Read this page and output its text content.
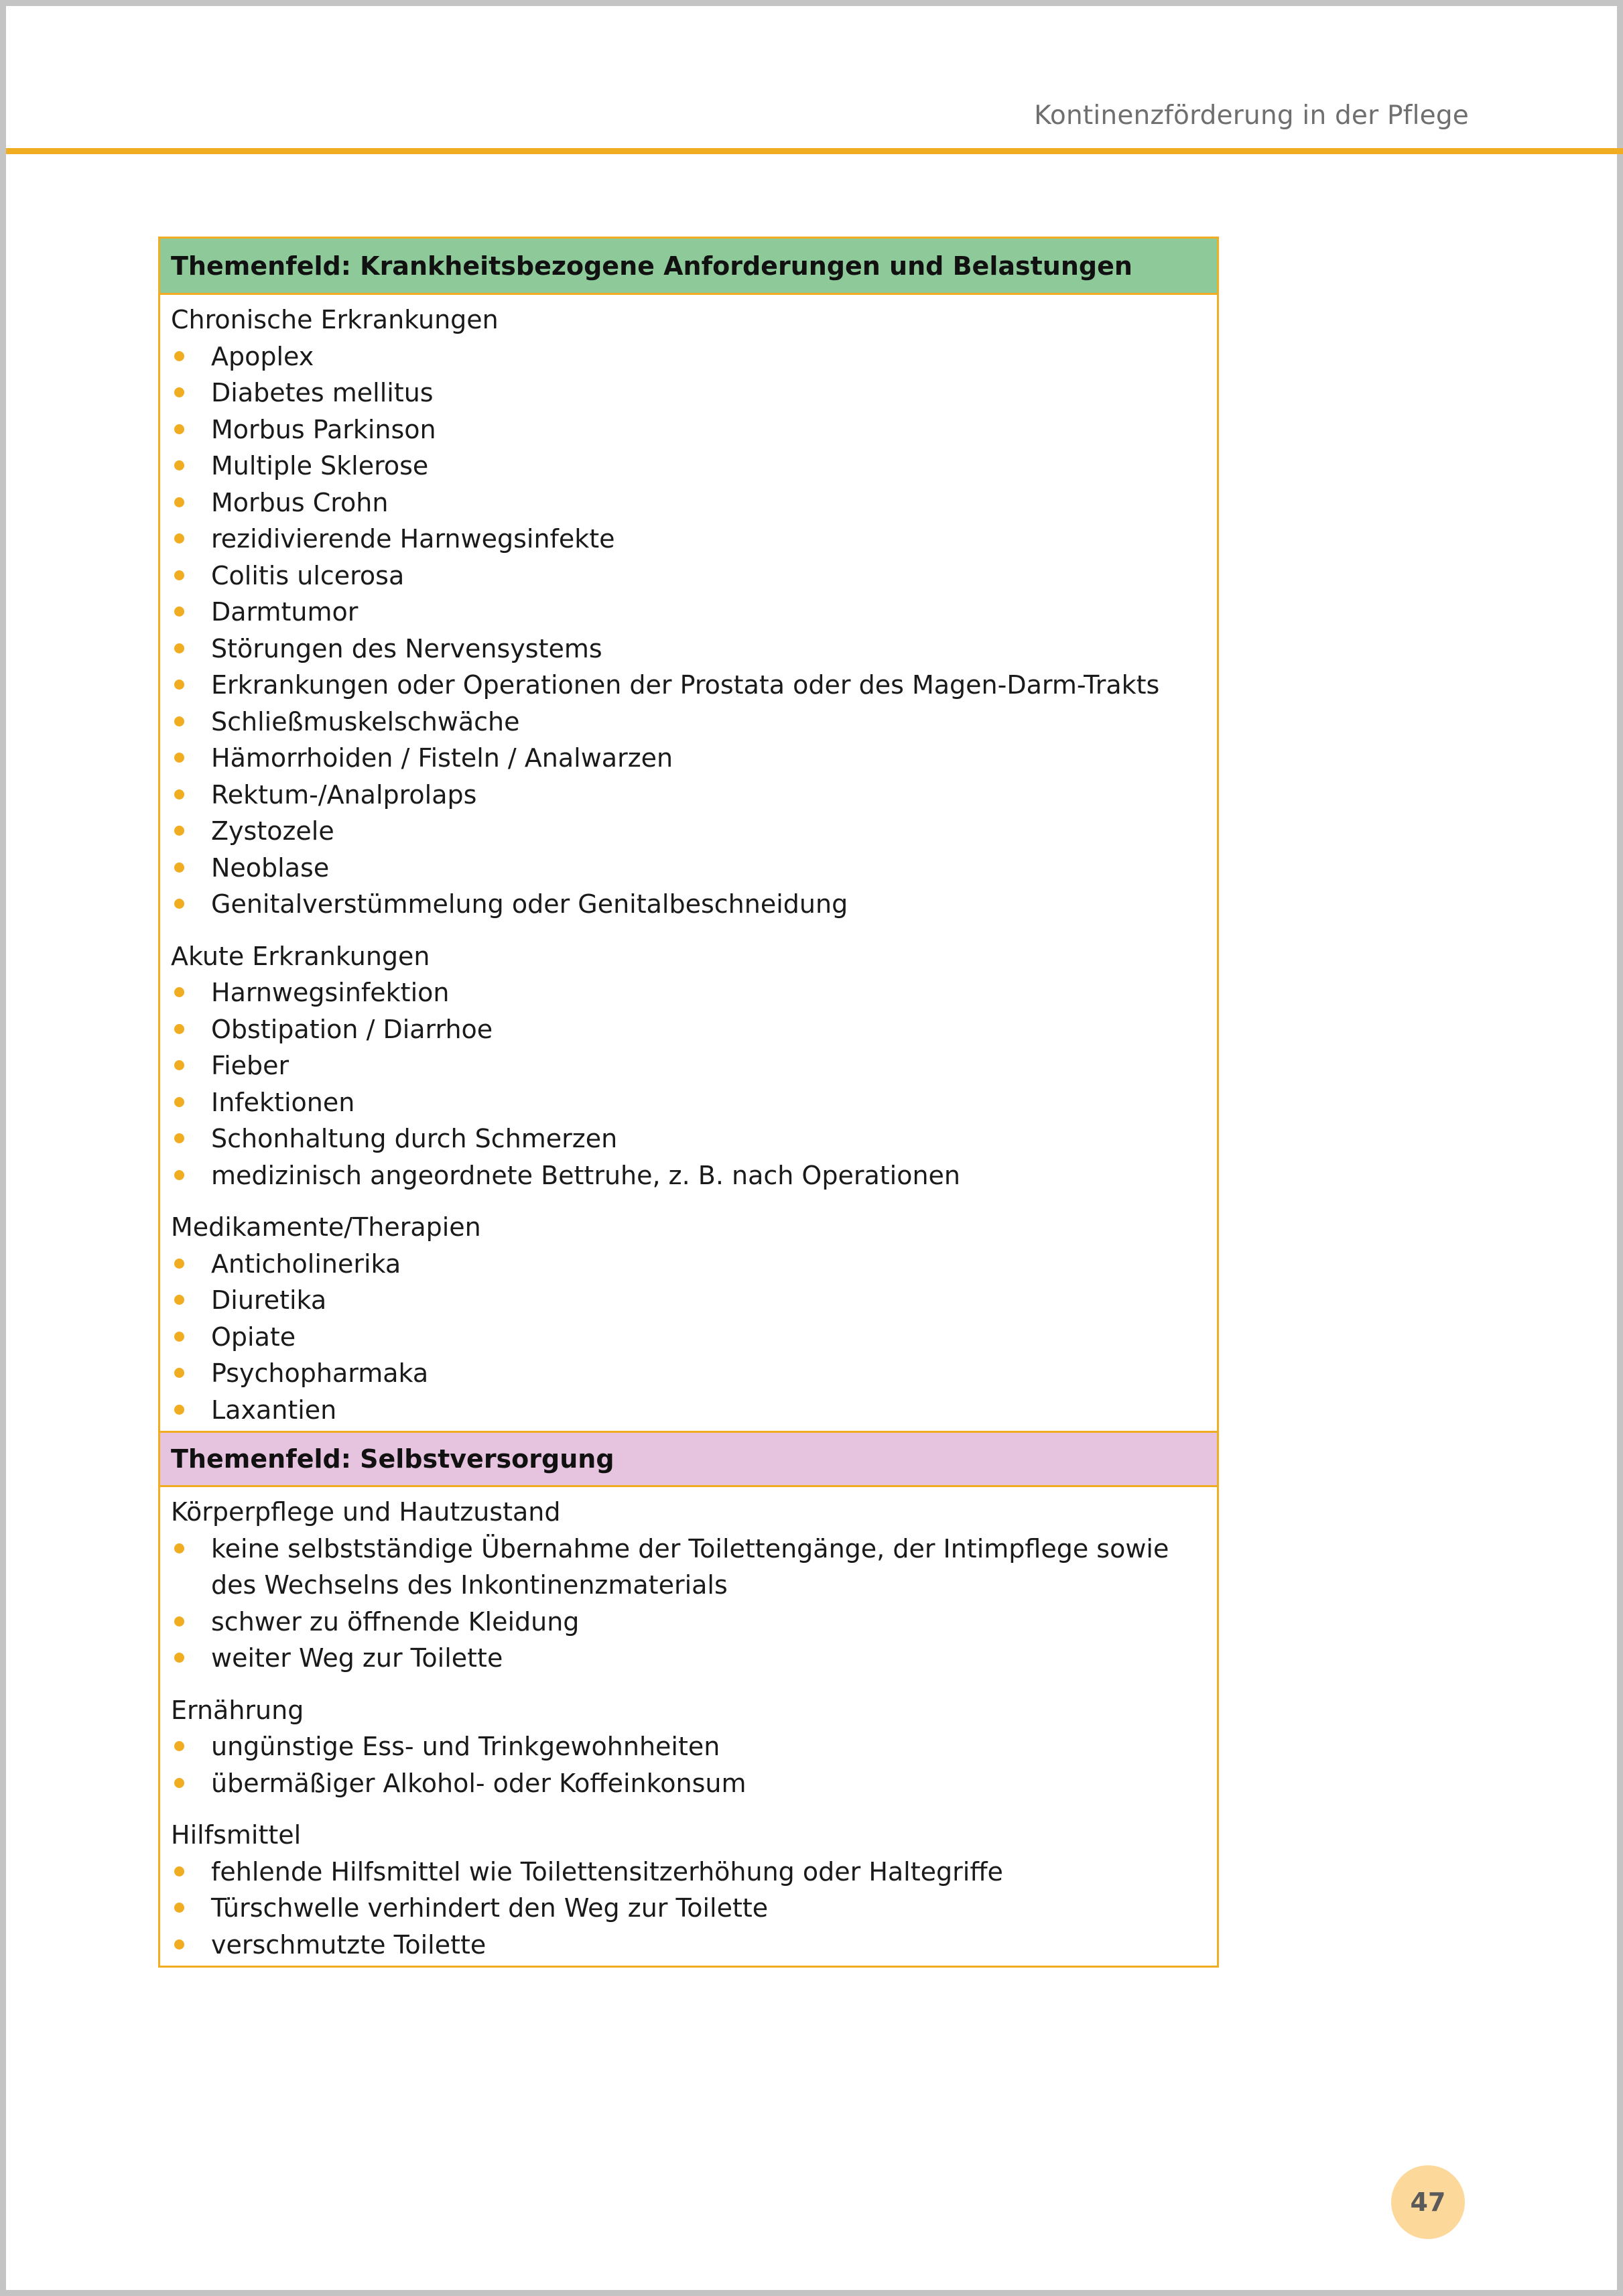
Kontinenzförderung in der Pflege
Themenfeld: Krankheitsbezogene Anforderungen und Belastungen
Chronische Erkrankungen
Apoplex
Diabetes mellitus
Morbus Parkinson
Multiple Sklerose
Morbus Crohn
rezidivierende Harnwegsinfekte
Colitis ulcerosa
Darmtumor
Störungen des Nervensystems
Erkrankungen oder Operationen der Prostata oder des Magen-Darm-Trakts
Schließmuskelschwäche
Hämorrhoiden / Fisteln / Analwarzen
Rektum-/Analprolaps
Zystozele
Neoblase
Genitalverstümmelung oder Genitalbeschneidung
Akute Erkrankungen
Harnwegsinfektion
Obstipation / Diarrhoe
Fieber
Infektionen
Schonhaltung durch Schmerzen
medizinisch angeordnete Bettruhe, z. B. nach Operationen
Medikamente/Therapien
Anticholinerika
Diuretika
Opiate
Psychopharmaka
Laxantien
Themenfeld: Selbstversorgung
Körperpflege und Hautzustand
keine selbstständige Übernahme der Toilettengänge, der Intimpflege sowie des Wechselns des Inkontinenzmaterials
schwer zu öffnende Kleidung
weiter Weg zur Toilette
Ernährung
ungünstige Ess- und Trinkgewohnheiten
übermäßiger Alkohol- oder Koffeinkonsum
Hilfsmittel
fehlende Hilfsmittel wie Toilettensitzerhöhung oder Haltegriffe
Türschwelle verhindert den Weg zur Toilette
verschmutzte Toilette
47
